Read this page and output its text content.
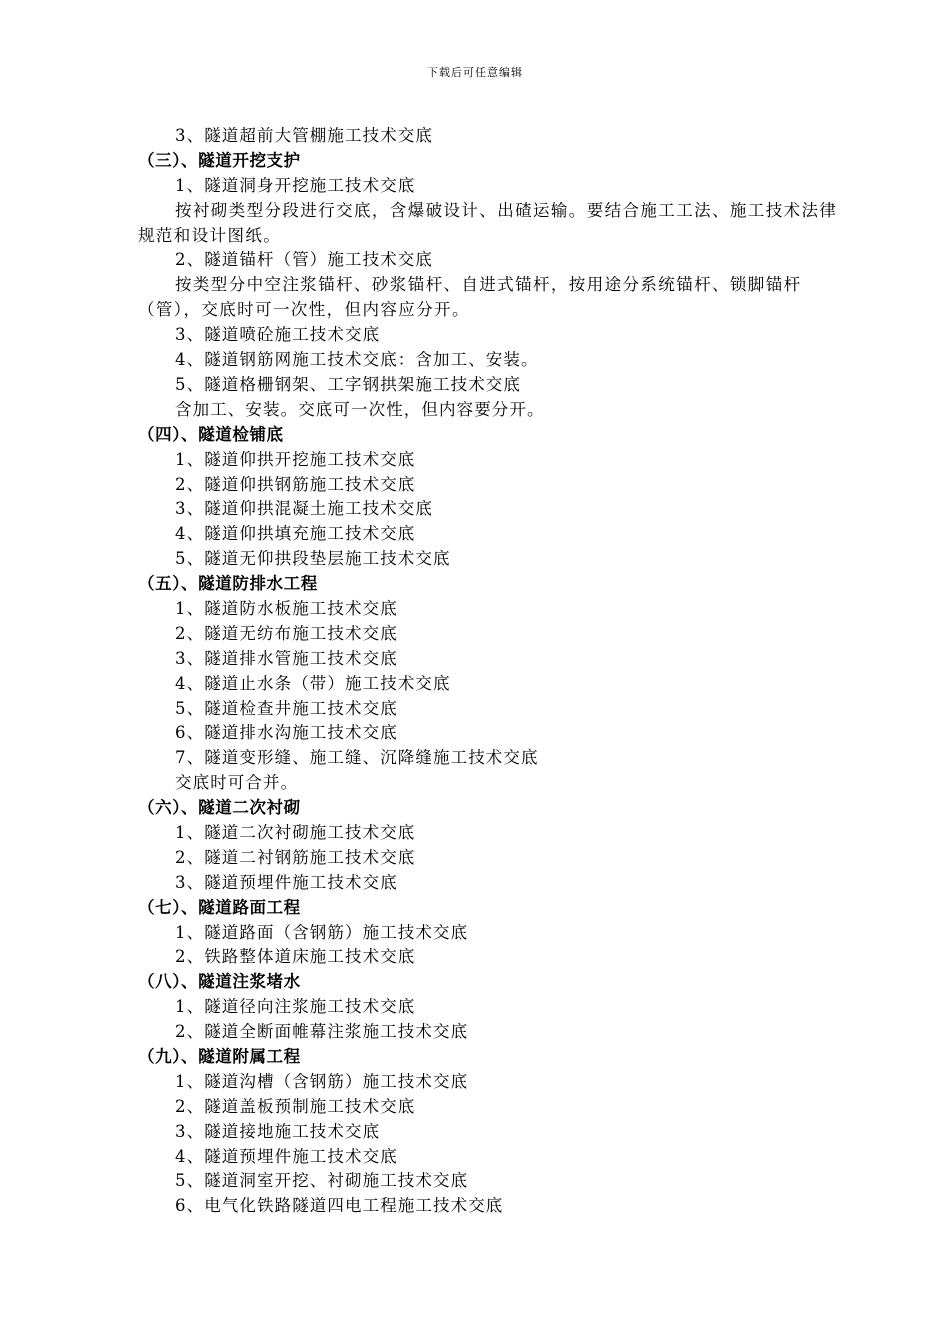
下载后可任意编辑
3、隧道超前大管棚施工技术交底
（三）、隧道开挖支护
1、隧道洞身开挖施工技术交底
按衬砌类型分段进行交底，含爆破设计、出碴运输。要结合施工工法、施工技术法律规范和设计图纸。
2、隧道锚杆（管）施工技术交底
按类型分中空注浆锚杆、砂浆锚杆、自进式锚杆，按用途分系统锚杆、锁脚锚杆（管），交底时可一次性，但内容应分开。
3、隧道喷砼施工技术交底
4、隧道钢筋网施工技术交底：含加工、安装。
5、隧道格栅钢架、工字钢拱架施工技术交底
含加工、安装。交底可一次性，但内容要分开。
（四）、隧道检铺底
1、隧道仰拱开挖施工技术交底
2、隧道仰拱钢筋施工技术交底
3、隧道仰拱混凝土施工技术交底
4、隧道仰拱填充施工技术交底
5、隧道无仰拱段垫层施工技术交底
（五）、隧道防排水工程
1、隧道防水板施工技术交底
2、隧道无纺布施工技术交底
3、隧道排水管施工技术交底
4、隧道止水条（带）施工技术交底
5、隧道检查井施工技术交底
6、隧道排水沟施工技术交底
7、隧道变形缝、施工缝、沉降缝施工技术交底
交底时可合并。
（六）、隧道二次衬砌
1、隧道二次衬砌施工技术交底
2、隧道二衬钢筋施工技术交底
3、隧道预埋件施工技术交底
（七）、隧道路面工程
1、隧道路面（含钢筋）施工技术交底
2、铁路整体道床施工技术交底
（八）、隧道注浆堵水
1、隧道径向注浆施工技术交底
2、隧道全断面帷幕注浆施工技术交底
（九）、隧道附属工程
1、隧道沟槽（含钢筋）施工技术交底
2、隧道盖板预制施工技术交底
3、隧道接地施工技术交底
4、隧道预埋件施工技术交底
5、隧道洞室开挖、衬砌施工技术交底
6、电气化铁路隧道四电工程施工技术交底
